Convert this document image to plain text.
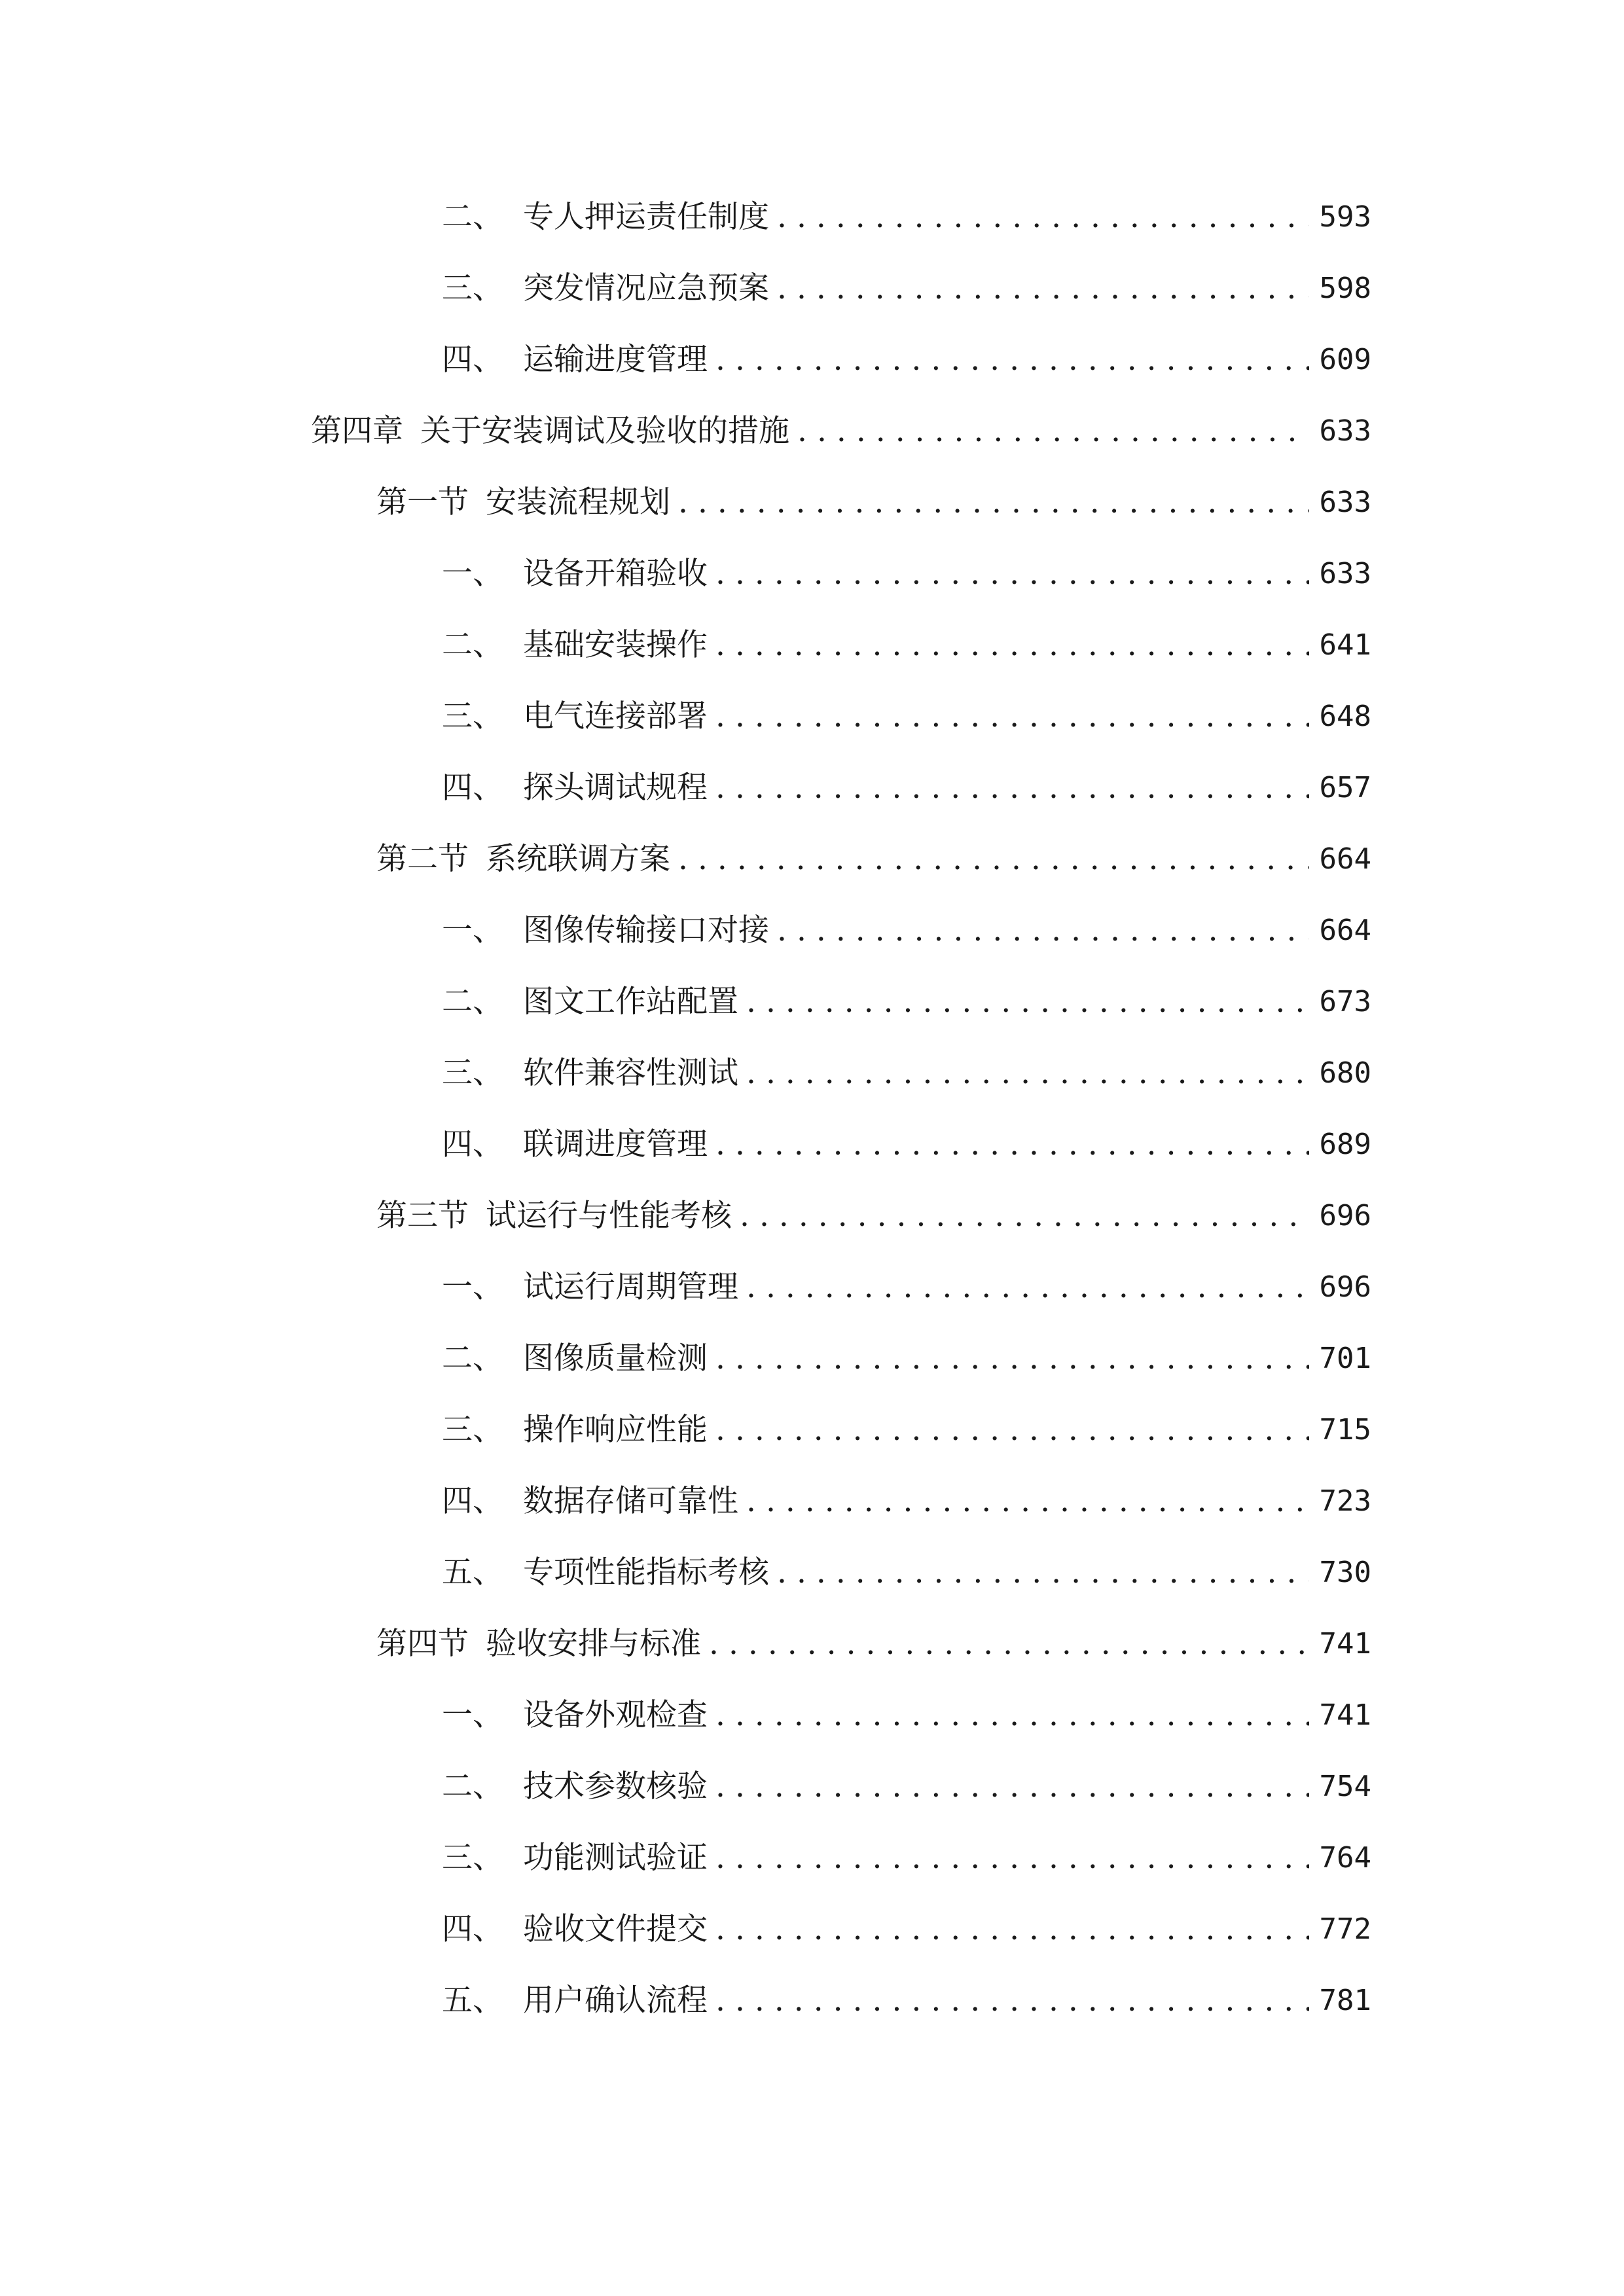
二、 专人押运责任制度 .....	593
三、 突发情况应急预案 .....	598
四、 运输进度管理 .....	609
第四章 关于安装调试及验收的措施 .....	633
第一节 安装流程规划 .....	633
一、 设备开箱验收 .....	633
二、 基础安装操作 .....	641
三、 电气连接部署 .....	648
四、 探头调试规程 .....	657
第二节 系统联调方案 .....	664
一、 图像传输接口对接 .....	664
二、 图文工作站配置 .....	673
三、 软件兼容性测试 .....	680
四、 联调进度管理 .....	689
第三节 试运行与性能考核 .....	696
一、 试运行周期管理 .....	696
二、 图像质量检测 .....	701
三、 操作响应性能 .....	715
四、 数据存储可靠性 .....	723
五、 专项性能指标考核 .....	730
第四节 验收安排与标准 .....	741
一、 设备外观检查 .....	741
二、 技术参数核验 .....	754
三、 功能测试验证 .....	764
四、 验收文件提交 .....	772
五、 用户确认流程 .....	781
